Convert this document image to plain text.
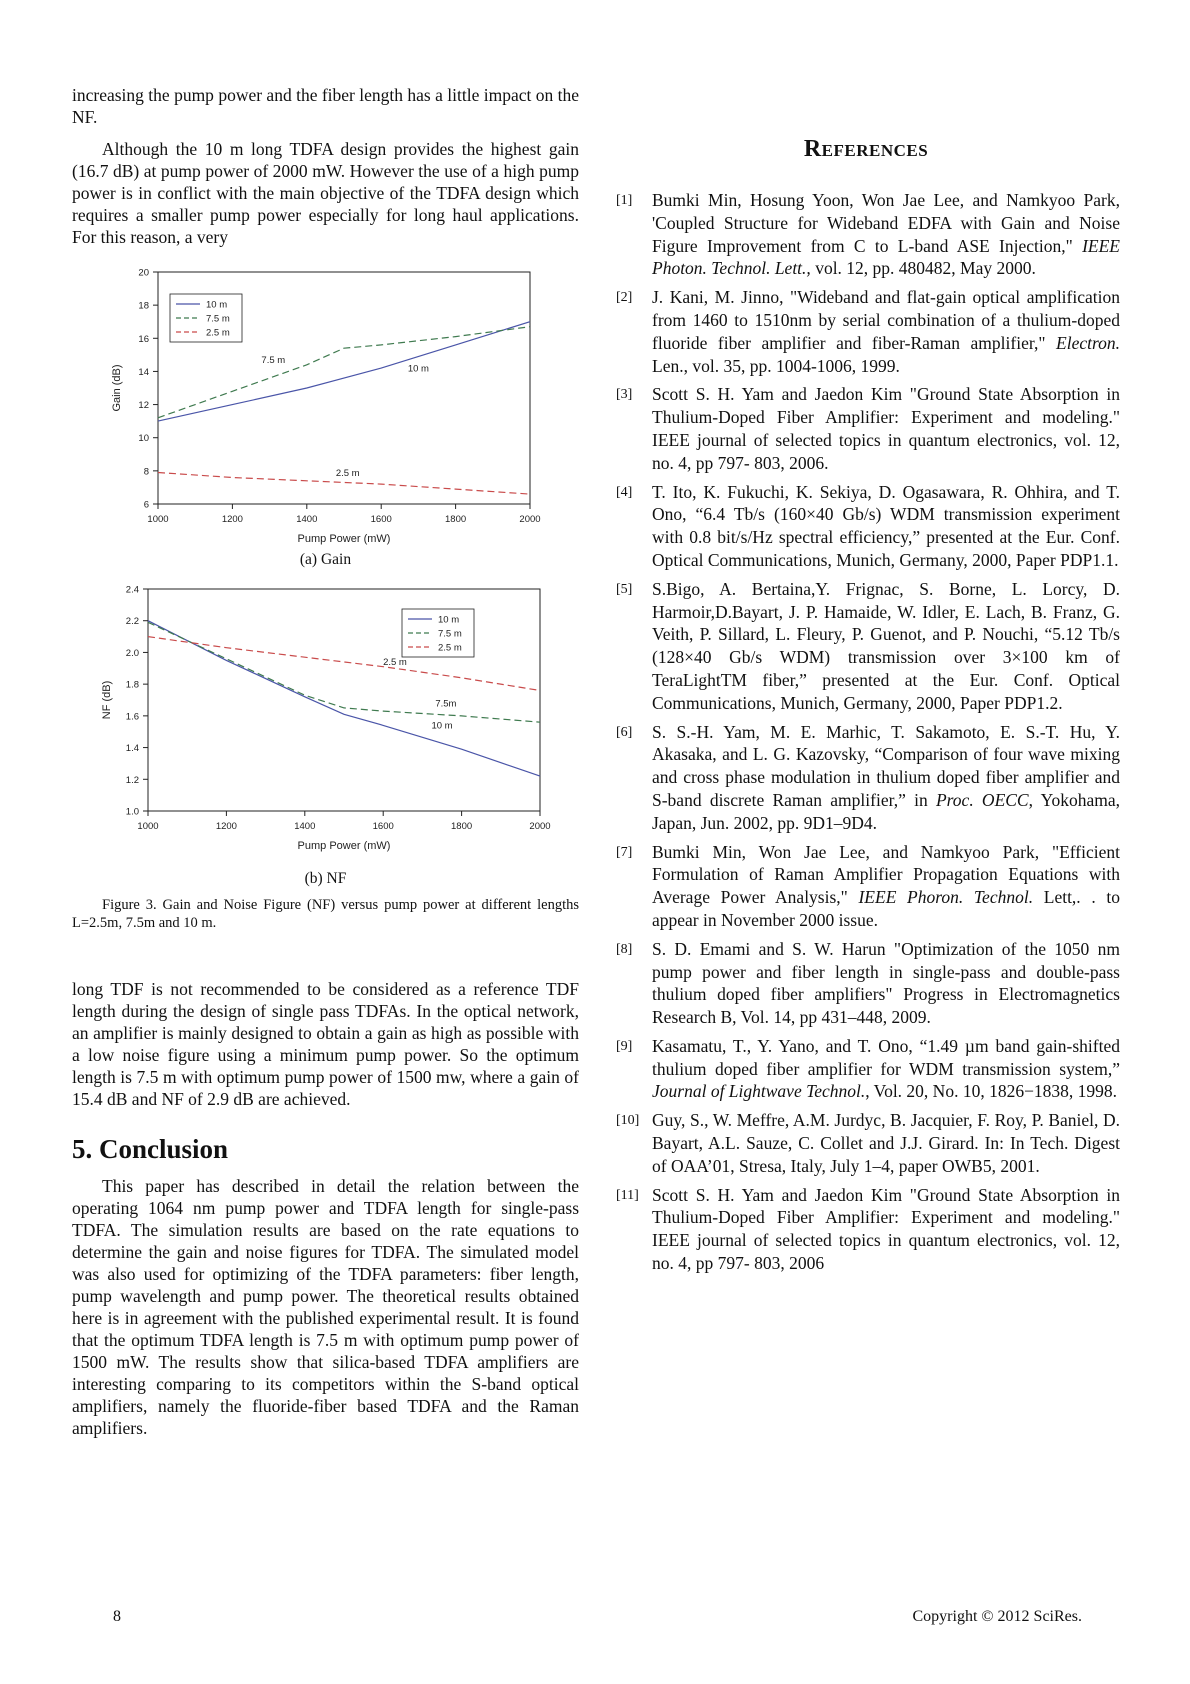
increasing the pump power and the fiber length has a little impact on the NF.

Although the 10 m long TDFA design provides the highest gain (16.7 dB) at pump power of 2000 mW. However the use of a high pump power is in conflict with the main objective of the TDFA design which requires a smaller pump power especially for long haul applications. For this reason, a very

1000	1200	1400	1600	1800	2000
6
8
10
12
14
16
18
20
Pump Power (mW)
Gain (dB)
7.5 m
10 m
2.5 m
10 m
7.5 m
2.5 m

(a) Gain

1000	1200	1400	1600	1800	2000
1.0
1.2
1.4
1.6
1.8
2.0
2.2
2.4
Pump Power (mW)
NF (dB)
2.5 m
7.5m
10 m
10 m
7.5 m
2.5 m

(b) NF

Figure 3. Gain and Noise Figure (NF) versus pump power at different lengths L=2.5m, 7.5m and 10 m.

long TDF is not recommended to be considered as a reference TDF length during the design of single pass TDFAs. In the optical network, an amplifier is mainly designed to obtain a gain as high as possible with a low noise figure using a minimum pump power. So the optimum length is 7.5 m with optimum pump power of 1500 mw, where a gain of 15.4 dB and NF of 2.9 dB are achieved.

5. Conclusion

This paper has described in detail the relation between the operating 1064 nm pump power and TDFA length for single-pass TDFA. The simulation results are based on the rate equations to determine the gain and noise figures for TDFA. The simulated model was also used for optimizing of the TDFA parameters: fiber length, pump wavelength and pump power. The theoretical results obtained here is in agreement with the published experimental result. It is found that the optimum TDFA length is 7.5 m with optimum pump power of 1500 mW. The results show that silica-based TDFA amplifiers are interesting comparing to its competitors within the S-band optical amplifiers, namely the fluoride-fiber based TDFA and the Raman amplifiers.

References
[1] Bumki Min, Hosung Yoon, Won Jae Lee, and Namkyoo Park, 'Coupled Structure for Wideband EDFA with Gain and Noise Figure Improvement from C to L-band ASE Injection," IEEE Photon. Technol. Lett., vol. 12, pp. 480482, May 2000.
[2] J. Kani, M. Jinno, "Wideband and flat-gain optical amplification from 1460 to 1510nm by serial combination of a thulium-doped fluoride fiber amplifier and fiber-Raman amplifier," Electron. Len., vol. 35, pp. 1004-1006, 1999.
[3] Scott S. H. Yam and Jaedon Kim "Ground State Absorption in Thulium-Doped Fiber Amplifier: Experiment and modeling." IEEE journal of selected topics in quantum electronics, vol. 12, no. 4, pp 797- 803, 2006.
[4] T. Ito, K. Fukuchi, K. Sekiya, D. Ogasawara, R. Ohhira, and T. Ono, “6.4 Tb/s (160×40 Gb/s) WDM transmission experiment with 0.8 bit/s/Hz spectral efficiency,” presented at the Eur. Conf. Optical Communications, Munich, Germany, 2000, Paper PDP1.1.
[5] S.Bigo, A. Bertaina,Y. Frignac, S. Borne, L. Lorcy, D. Harmoir,D.Bayart, J. P. Hamaide, W. Idler, E. Lach, B. Franz, G. Veith, P. Sillard, L. Fleury, P. Guenot, and P. Nouchi, “5.12 Tb/s (128×40 Gb/s WDM) transmission over 3×100 km of TeraLightTM fiber,” presented at the Eur. Conf. Optical Communications, Munich, Germany, 2000, Paper PDP1.2.
[6] S. S.-H. Yam, M. E. Marhic, T. Sakamoto, E. S.-T. Hu, Y. Akasaka, and L. G. Kazovsky, “Comparison of four wave mixing and cross phase modulation in thulium doped fiber amplifier and S-band discrete Raman amplifier,” in Proc. OECC, Yokohama, Japan, Jun. 2002, pp. 9D1–9D4.
[7] Bumki Min, Won Jae Lee, and Namkyoo Park, "Efficient Formulation of Raman Amplifier Propagation Equations with Average Power Analysis," IEEE Phoron. Technol. Lett,. . to appear in November 2000 issue.
[8] S. D. Emami and S. W. Harun "Optimization of the 1050 nm pump power and fiber length in single-pass and double-pass thulium doped fiber amplifiers" Progress in Electromagnetics Research B, Vol. 14, pp 431–448, 2009.
[9] Kasamatu, T., Y. Yano, and T. Ono, “1.49 µm band gain-shifted thulium doped fiber amplifier for WDM transmission system,” Journal of Lightwave Technol., Vol. 20, No. 10, 1826−1838, 1998.
[10] Guy, S., W. Meffre, A.M. Jurdyc, B. Jacquier, F. Roy, P. Baniel, D. Bayart, A.L. Sauze, C. Collet and J.J. Girard. In: In Tech. Digest of OAA’01, Stresa, Italy, July 1–4, paper OWB5, 2001.
[11] Scott S. H. Yam and Jaedon Kim "Ground State Absorption in Thulium-Doped Fiber Amplifier: Experiment and modeling." IEEE journal of selected topics in quantum electronics, vol. 12, no. 4, pp 797- 803, 2006
8	Copyright © 2012 SciRes.
